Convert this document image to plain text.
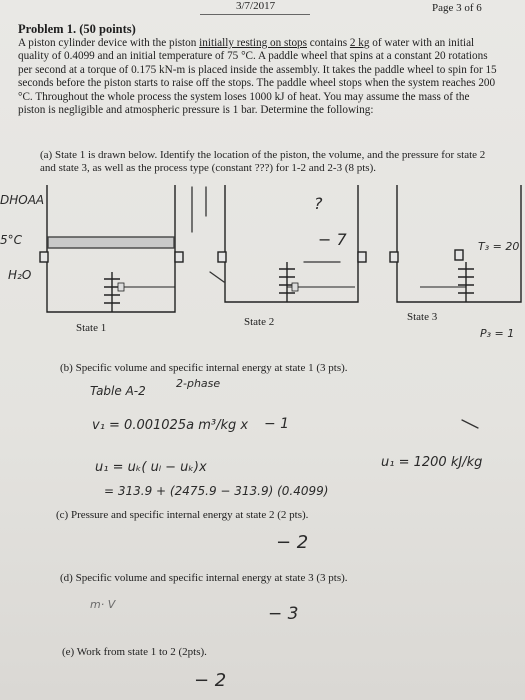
3/7/2017	Page 3 of 6
Problem 1. (50 points)
A piston cylinder device with the piston initially resting on stops contains 2 kg of water with an initial quality of 0.4099 and an initial temperature of 75 °C. A paddle wheel that spins at a constant 20 rotations per second at a torque of 0.175 kN-m is placed inside the assembly. It takes the paddle wheel to spin for 15 seconds before the piston starts to raise off the stops. The paddle wheel stops when the system reaches 200 °C. Throughout the whole process the system loses 1000 kJ of heat. You may assume the mass of the piston is negligible and atmospheric pressure is 1 bar. Determine the following:
(a) State 1 is drawn below. Identify the location of the piston, the volume, and the pressure for state 2 and state 3, as well as the process type (constant ???) for 1-2 and 2-3 (8 pts).
State 1	State 2	State 3
DHOAA
5°C
H₂O
?
− 7	T₃ = 20
P₃ = 1
(b) Specific volume and specific internal energy at state 1 (3 pts).
Table A-2
2-phase
v₁ = 0.001025a m³/kg x − 1
u₁ = uₖ( uₗ − uₖ)x
= 313.9 + (2475.9 − 313.9) (0.4099)
u₁ = 1200 kJ/kg
(c) Pressure and specific internal energy at state 2 (2 pts).
− 2
(d) Specific volume and specific internal energy at state 3 (3 pts).
m· V	− 3
(e) Work from state 1 to 2 (2pts).
− 2
